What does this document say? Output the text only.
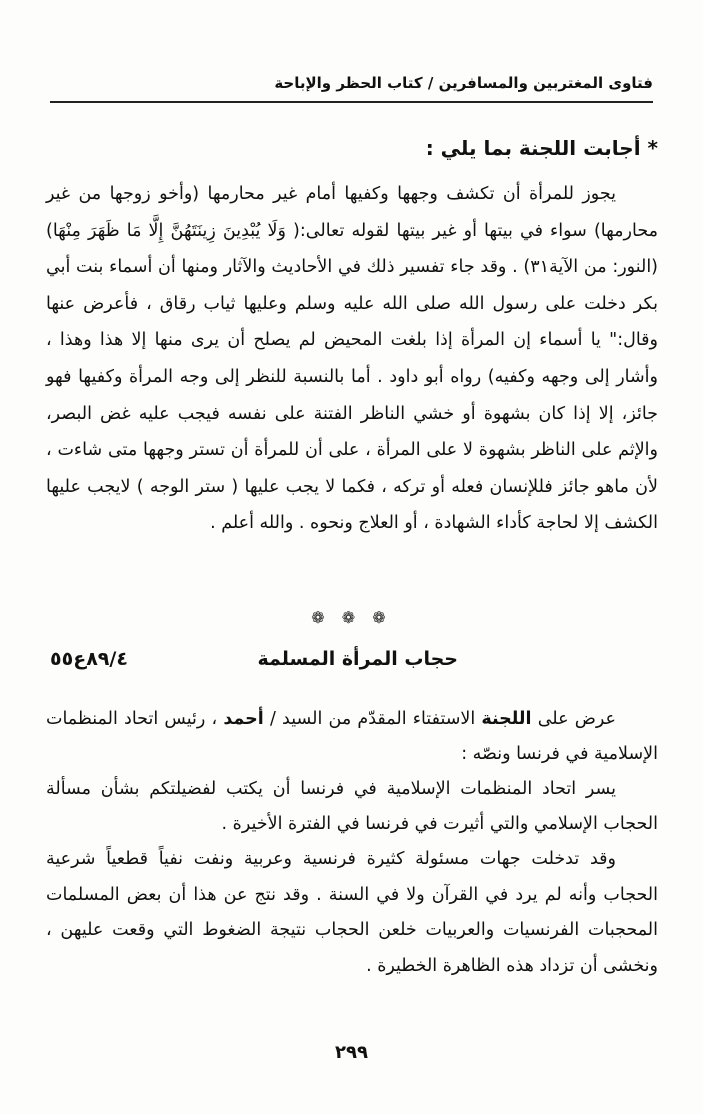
فتاوى المغتربين والمسافرين / كتاب الحظر والإباحة
* أجابت اللجنة بما يلي :
يجوز للمرأة أن تكشف وجهها وكفيها أمام غير محارمها (وأخو زوجها من غير محارمها) سواء في بيتها أو غير بيتها لقوله تعالى:( وَلَا يُبْدِينَ زِينَتَهُنَّ إِلَّا مَا ظَهَرَ مِنْهَا) (النور: من الآية٣١) . وقد جاء تفسير ذلك في الأحاديث والآثار ومنها أن أسماء بنت أبي بكر دخلت على رسول الله صلى الله عليه وسلم وعليها ثياب رقاق ، فأعرض عنها وقال:" يا أسماء إن المرأة إذا بلغت المحيض لم يصلح أن يرى منها إلا هذا وهذا ، وأشار إلى وجهه وكفيه) رواه أبو داود . أما بالنسبة للنظر إلى وجه المرأة وكفيها فهو جائز، إلا إذا كان بشهوة أو خشي الناظر الفتنة على نفسه فيجب عليه غض البصر، والإثم على الناظر بشهوة لا على المرأة ، على أن للمرأة أن تستر وجهها متى شاءت ، لأن ماهو جائز فللإنسان فعله أو تركه ، فكما لا يجب عليها ( ستر الوجه ) لايجب عليها الكشف إلا لحاجة كأداء الشهادة ، أو العلاج ونحوه . والله أعلم .
❁ ❁ ❁
حجاب المرأة المسلمة
٨٩/٤ع٥٥
عرض على اللجنة الاستفتاء المقدّم من السيد / أحمد ، رئيس اتحاد المنظمات الإسلامية في فرنسا ونصّه :
يسر اتحاد المنظمات الإسلامية في فرنسا أن يكتب لفضيلتكم بشأن مسألة الحجاب الإسلامي والتي أثيرت في فرنسا في الفترة الأخيرة .
وقد تدخلت جهات مسئولة كثيرة فرنسية وعربية ونفت نفياً قطعياً شرعية الحجاب وأنه لم يرد في القرآن ولا في السنة . وقد نتج عن هذا أن بعض المسلمات المحجبات الفرنسيات والعربيات خلعن الحجاب نتيجة الضغوط التي وقعت عليهن ، ونخشى أن تزداد هذه الظاهرة الخطيرة .
٢٩٩
